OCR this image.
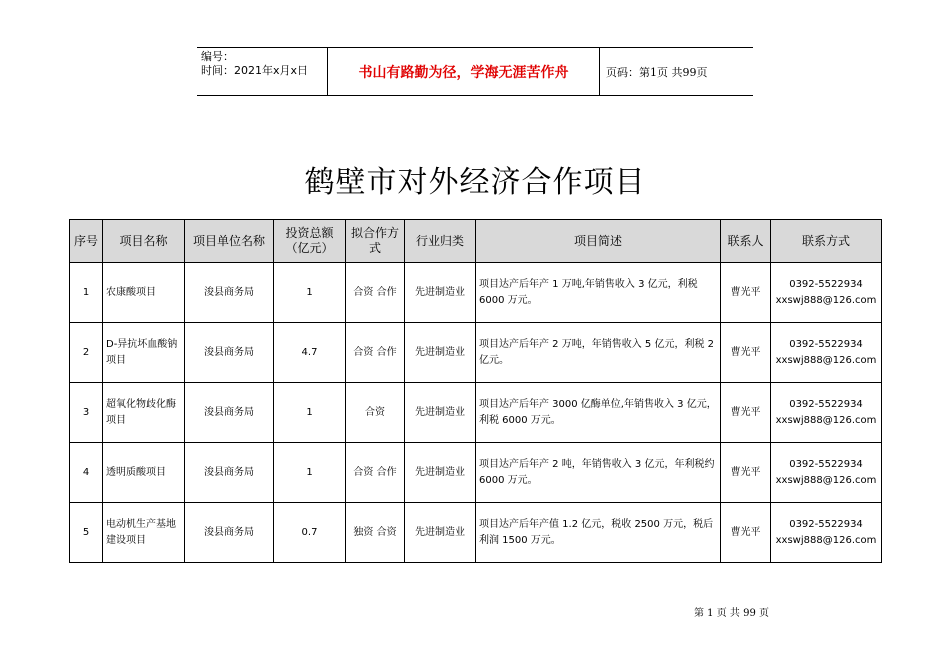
编号：
时间：2021年x月x日	书山有路勤为径，学海无涯苦作舟	页码：第1页 共99页
鹤壁市对外经济合作项目
序号	项目名称	项目单位名称	投资总额（亿元）	拟合作方式	行业归类	项目简述	联系人	联系方式
1	农康酸项目	浚县商务局	1	合资 合作	先进制造业	项目达产后年产 1 万吨,年销售收入 3 亿元，利税 6000 万元。	曹光平	0392-5522934
xxswj888@126.com

2	D-异抗坏血酸钠项目	浚县商务局	4.7	合资 合作	先进制造业	项目达产后年产 2 万吨，年销售收入 5 亿元，利税 2 亿元。	曹光平	0392-5522934
xxswj888@126.com

3	超氧化物歧化酶项目	浚县商务局	1	合资	先进制造业	项目达产后年产 3000 亿酶单位,年销售收入 3 亿元，利税 6000 万元。	曹光平	0392-5522934
xxswj888@126.com

4	透明质酸项目	浚县商务局	1	合资 合作	先进制造业	项目达产后年产 2 吨，年销售收入 3 亿元，年利税约 6000 万元。	曹光平	0392-5522934
xxswj888@126.com

5	电动机生产基地建设项目	浚县商务局	0.7	独资 合资	先进制造业	项目达产后年产值 1.2 亿元，税收 2500 万元，税后利润 1500 万元。	曹光平	0392-5522934
xxswj888@126.com
第 1 页 共 99 页
